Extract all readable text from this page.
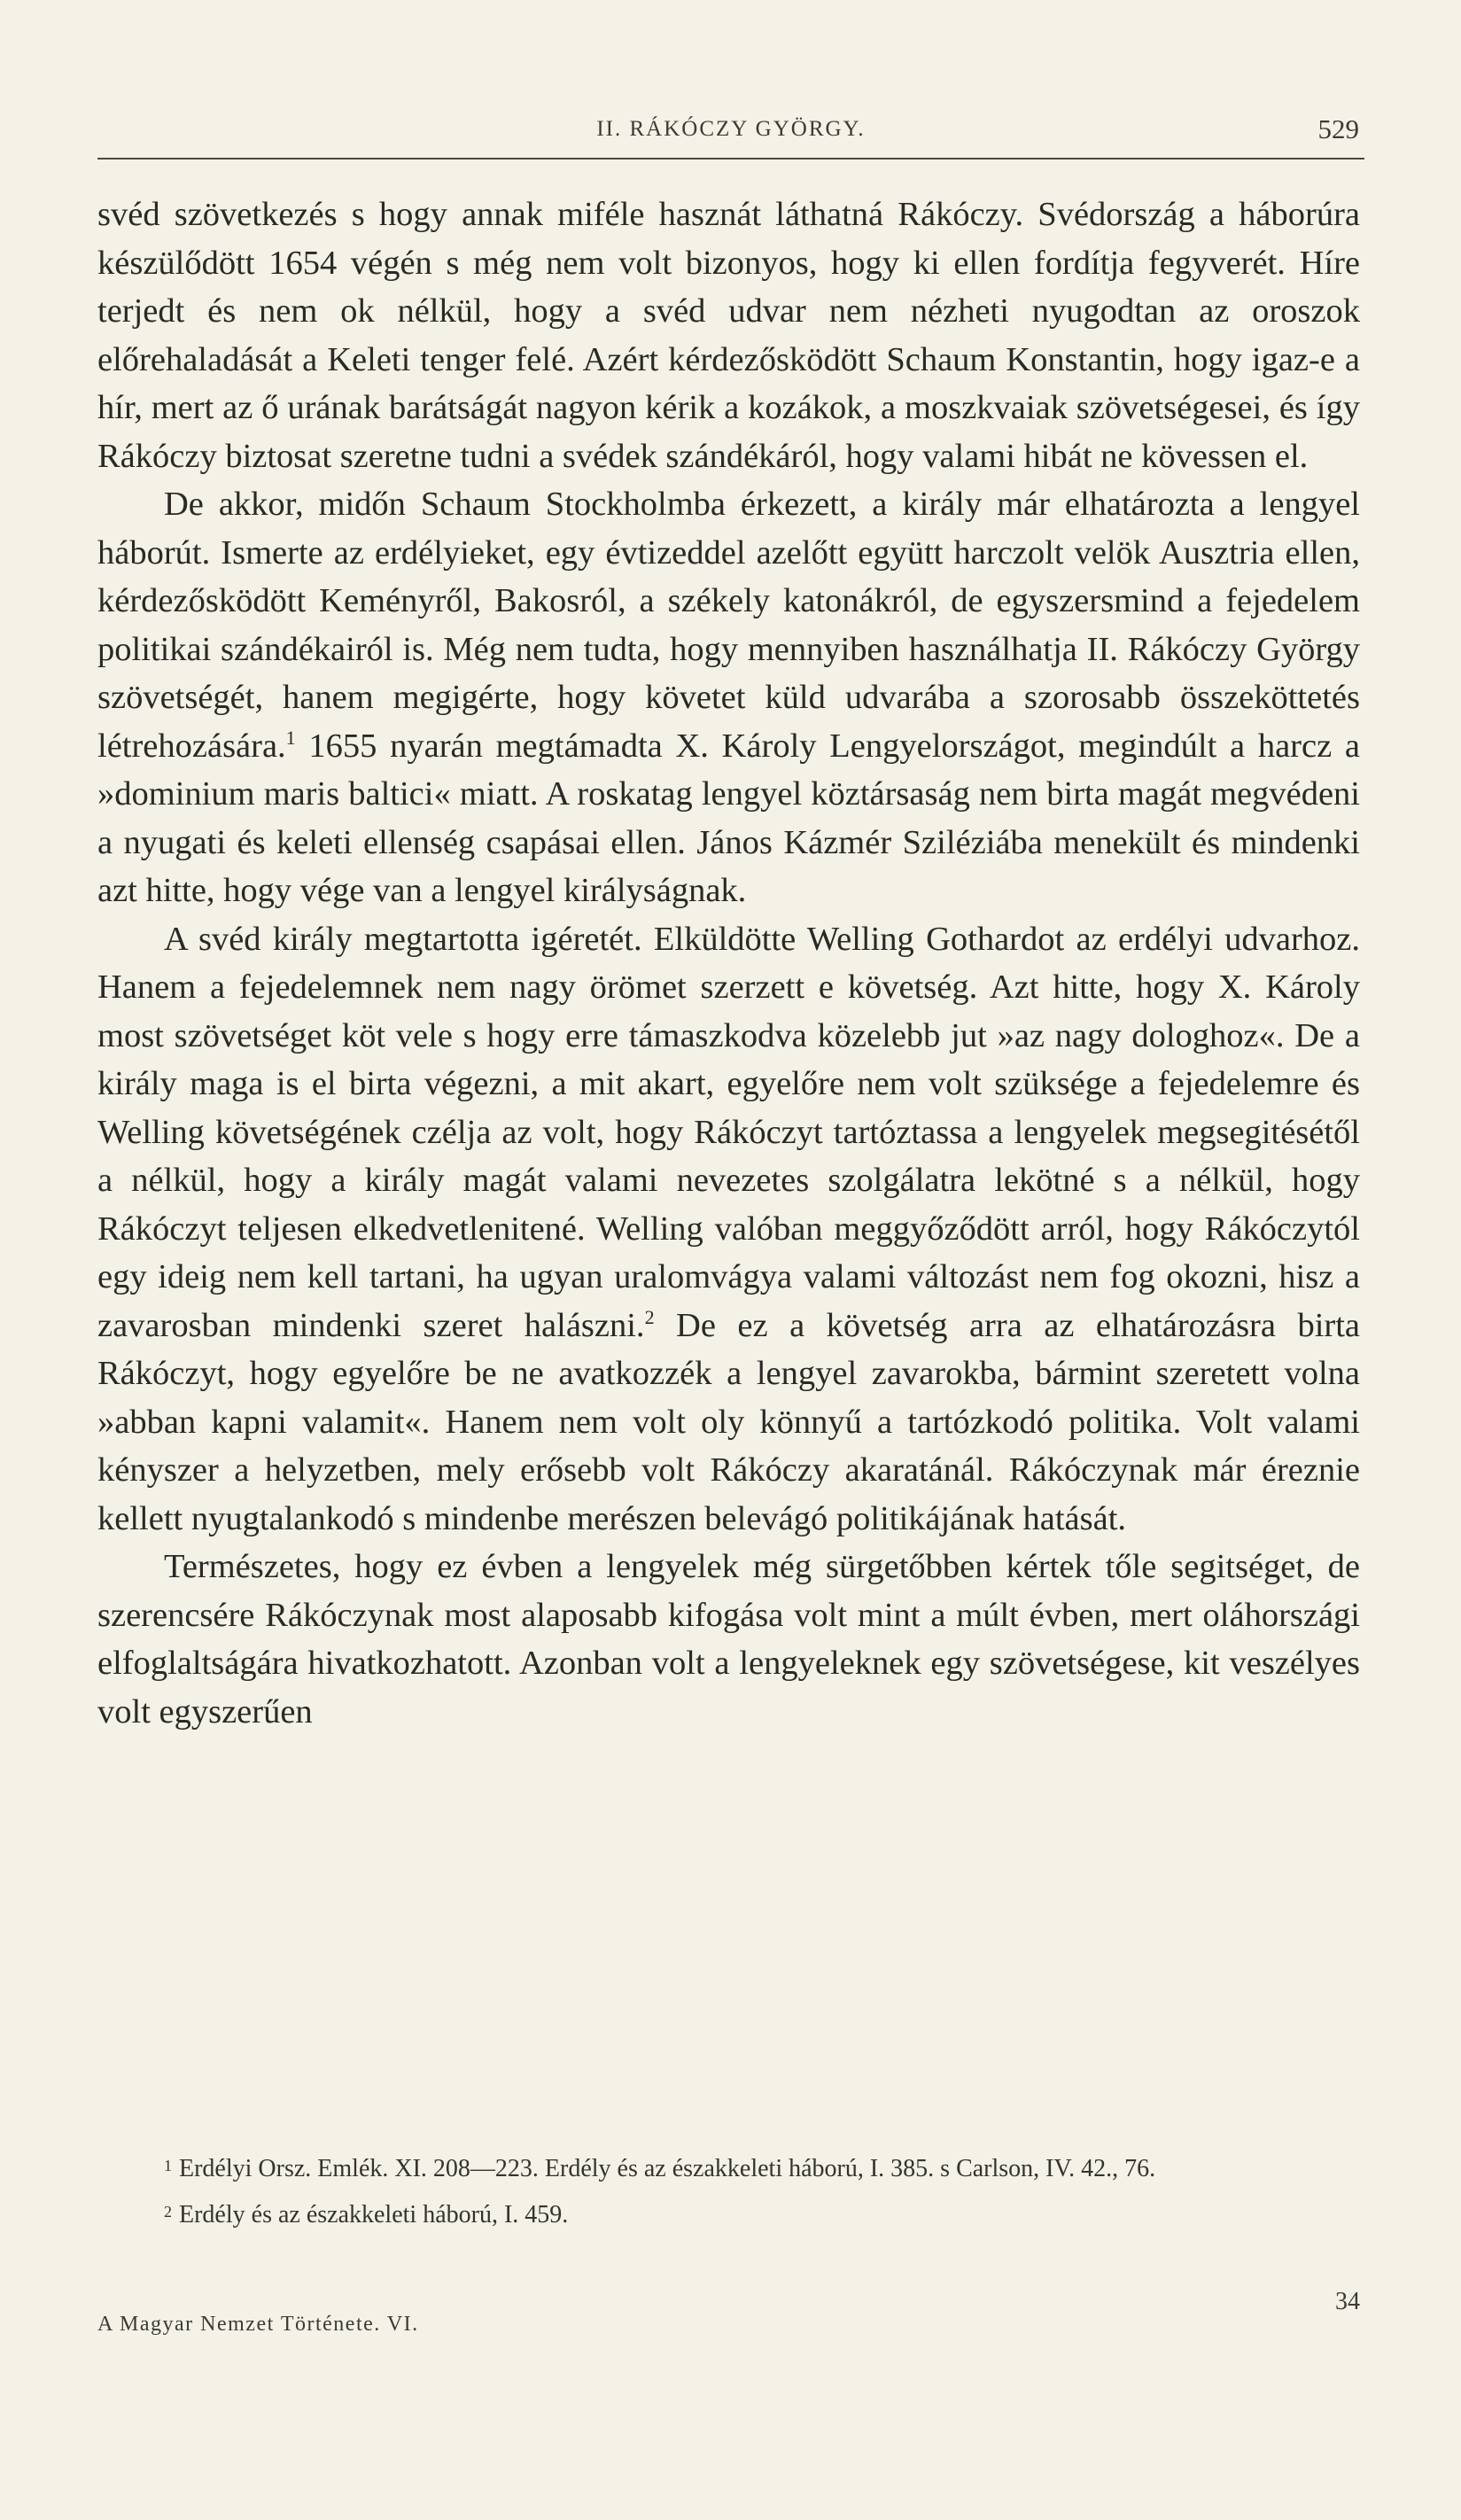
II. RÁKÓCZY GYÖRGY.	529

svéd szövetkezés s hogy annak miféle hasznát láthatná Rákóczy. Svédország a háborúra készülődött 1654 végén s még nem volt bizonyos, hogy ki ellen fordítja fegyverét. Híre terjedt és nem ok nélkül, hogy a svéd udvar nem nézheti nyugodtan az oroszok előrehaladását a Keleti tenger felé. Azért kérdezősködött Schaum Konstantin, hogy igaz-e a hír, mert az ő urának barátságát nagyon kérik a kozákok, a moszkvaiak szövetségesei, és így Rákóczy biztosat szeretne tudni a svédek szándékáról, hogy valami hibát ne kövessen el.

De akkor, midőn Schaum Stockholmba érkezett, a király már elhatározta a lengyel háborút. Ismerte az erdélyieket, egy évtizeddel azelőtt együtt harczolt velök Ausztria ellen, kérdezősködött Keményről, Bakosról, a székely katonákról, de egyszersmind a fejedelem politikai szándékairól is. Még nem tudta, hogy mennyiben használhatja II. Rákóczy György szövetségét, hanem megigérte, hogy követet küld udvarába a szorosabb összeköttetés létrehozására.$^1$ 1655 nyarán megtámadta X. Károly Lengyelországot, megindúlt a harcz a »dominium maris baltici« miatt. A roskatag lengyel köztársaság nem birta magát megvédeni a nyugati és keleti ellenség csapásai ellen. János Kázmér Sziléziába menekült és mindenki azt hitte, hogy vége van a lengyel királyságnak.

A svéd király megtartotta igéretét. Elküldötte Welling Gothardot az erdélyi udvarhoz. Hanem a fejedelemnek nem nagy örömet szerzett e követség. Azt hitte, hogy X. Károly most szövetséget köt vele s hogy erre támaszkodva közelebb jut »az nagy dologhoz«. De a király maga is el birta végezni, a mit akart, egyelőre nem volt szüksége a fejedelemre és Welling követségének czélja az volt, hogy Rákóczyt tartóztassa a lengyelek megsegitésétől a nélkül, hogy a király magát valami nevezetes szolgálatra lekötné s a nélkül, hogy Rákóczyt teljesen elkedvetlenitené. Welling valóban meggyőződött arról, hogy Rákóczytól egy ideig nem kell tartani, ha ugyan uralomvágya valami változást nem fog okozni, hisz a zavarosban mindenki szeret halászni.$^2$ De ez a követség arra az elhatározásra birta Rákóczyt, hogy egyelőre be ne avatkozzék a lengyel zavarokba, bármint szeretett volna »abban kapni valamit«. Hanem nem volt oly könnyű a tartózkodó politika. Volt valami kényszer a helyzetben, mely erősebb volt Rákóczy akaratánál. Rákóczynak már éreznie kellett nyugtalankodó s mindenbe merészen belevágó politikájának hatását.

Természetes, hogy ez évben a lengyelek még sürgetőbben kértek tőle segitséget, de szerencsére Rákóczynak most alaposabb kifogása volt mint a múlt évben, mert oláhországi elfoglaltságára hivatkozhatott. Azonban volt a lengyeleknek egy szövetségese, kit veszélyes volt egyszerűen

$^1$ Erdélyi Orsz. Emlék. XI. 208—223. Erdély és az északkeleti háború, I. 385. s Carlson, IV. 42., 76.

$^2$ Erdély és az északkeleti háború, I. 459.

A Magyar Nemzet Története. VI.
34
